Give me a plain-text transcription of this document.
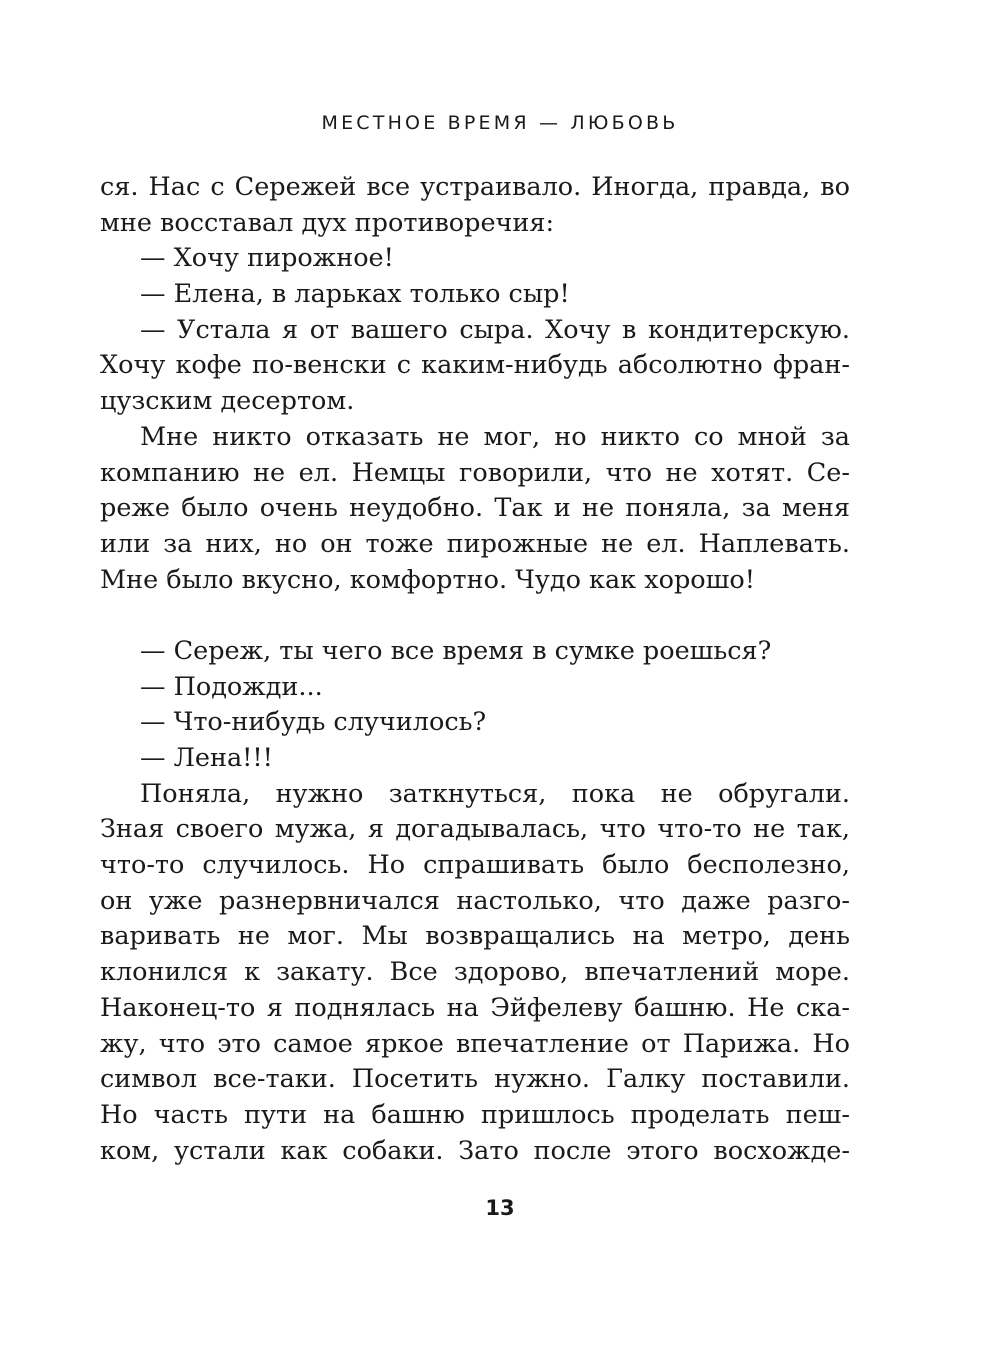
МЕСТНОЕ ВРЕМЯ — ЛЮБОВЬ
ся. Нас с Сережей все устраивало. Иногда, правда, во
мне восставал дух противоречия:
— Хочу пирожное!
— Елена, в ларьках только сыр!
— Устала я от вашего сыра. Хочу в кондитерскую.
Хочу кофе по-венски с каким-нибудь абсолютно фран-
цузским десертом.
Мне никто отказать не мог, но никто со мной за
компанию не ел. Немцы говорили, что не хотят. Се-
реже было очень неудобно. Так и не поняла, за меня
или за них, но он тоже пирожные не ел. Наплевать.
Мне было вкусно, комфортно. Чудо как хорошо!
— Сереж, ты чего все время в сумке роешься?
— Подожди...
— Что-нибудь случилось?
— Лена!!!
Поняла, нужно заткнуться, пока не обругали.
Зная своего мужа, я догадывалась, что что-то не так,
что-то случилось. Но спрашивать было бесполезно,
он уже разнервничался настолько, что даже разго-
варивать не мог. Мы возвращались на метро, день
клонился к закату. Все здорово, впечатлений море.
Наконец-то я поднялась на Эйфелеву башню. Не ска-
жу, что это самое яркое впечатление от Парижа. Но
символ все-таки. Посетить нужно. Галку поставили.
Но часть пути на башню пришлось проделать пеш-
ком, устали как собаки. Зато после этого восхожде-
13
